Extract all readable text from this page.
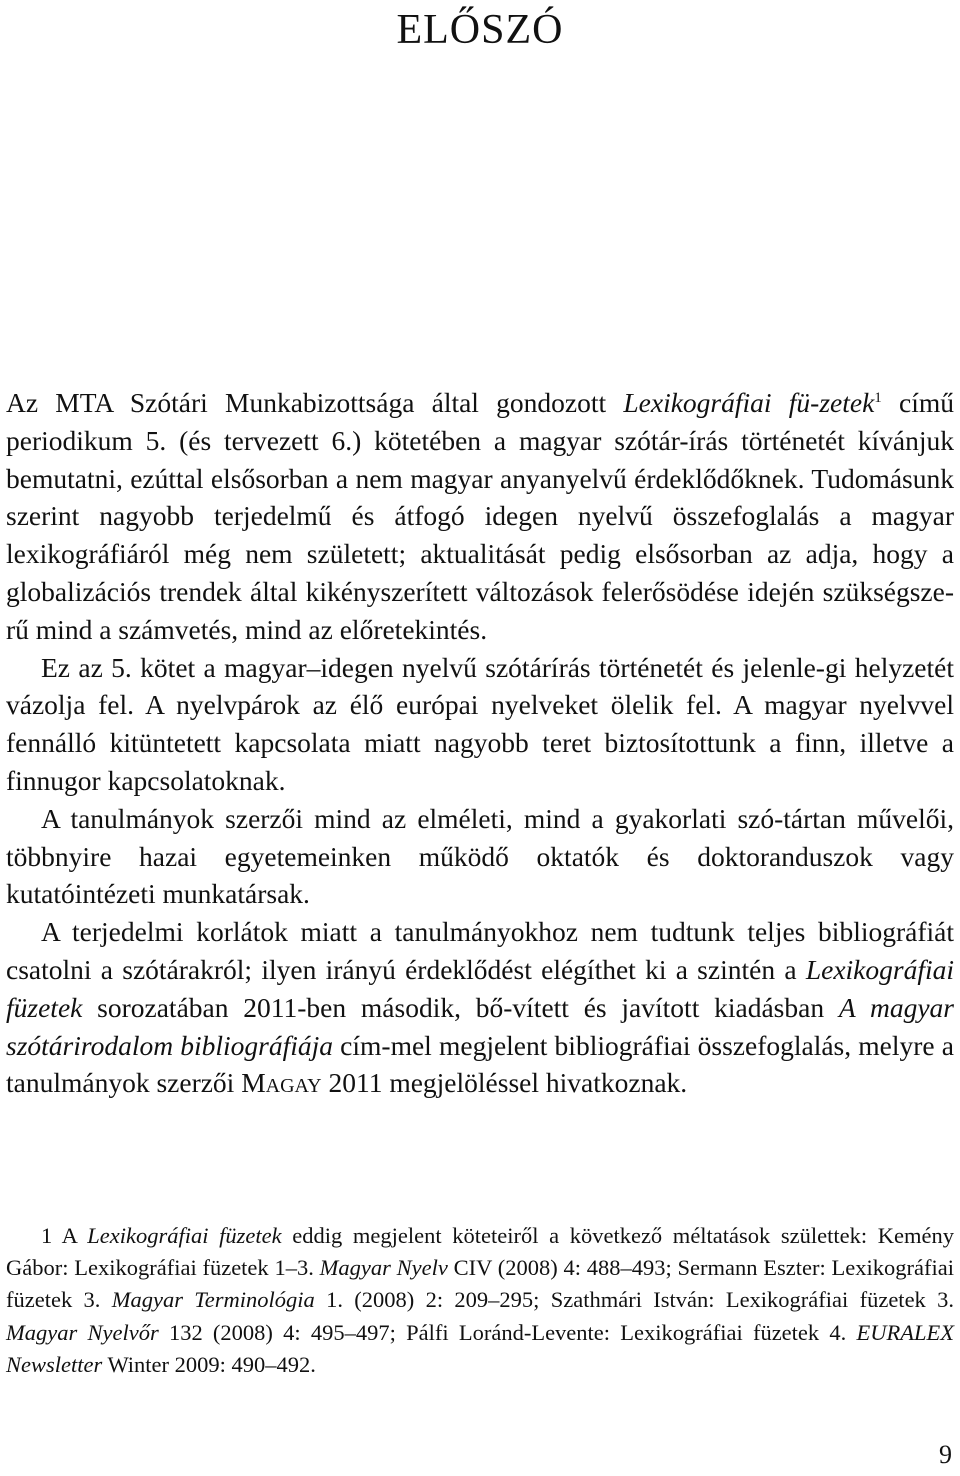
ELŐSZÓ

Az MTA Szótári Munkabizottsága által gondozott Lexikográfiai fü-zetek$^1$ című periodikum 5. (és tervezett 6.) kötetében a magyar szótár-írás történetét kívánjuk bemutatni, ezúttal elsősorban a nem magyar anyanyelvű érdeklődőknek. Tudomásunk szerint nagyobb terjedelmű és átfogó idegen nyelvű összefoglalás a magyar lexikográfiáról még nem született; aktualitását pedig elsősorban az adja, hogy a globalizációs trendek által kikényszerített változások felerősödése idején szükségsze-rű mind a számvetés, mind az előretekintés.

Ez az 5. kötet a magyar–idegen nyelvű szótárírás történetét és jelenle-gi helyzetét vázolja fel. A nyelvpárok az élő európai nyelveket ölelik fel. A magyar nyelvvel fennálló kitüntetett kapcsolata miatt nagyobb teret biztosítottunk a finn, illetve a finnugor kapcsolatoknak.

A tanulmányok szerzői mind az elméleti, mind a gyakorlati szó-tártan művelői, többnyire hazai egyetemeinken működő oktatók és doktoranduszok vagy kutatóintézeti munkatársak.

A terjedelmi korlátok miatt a tanulmányokhoz nem tudtunk teljes bibliográfiát csatolni a szótárakról; ilyen irányú érdeklődést elégíthet ki a szintén a Lexikográfiai füzetek sorozatában 2011-ben második, bő-vített és javított kiadásban A magyar szótárirodalom bibliográfiája cím-mel megjelent bibliográfiai összefoglalás, melyre a tanulmányok szerzői MAGAY 2011 megjelöléssel hivatkoznak.

1 A Lexikográfiai füzetek eddig megjelent köteteiről a következő méltatások születtek: Kemény Gábor: Lexikográfiai füzetek 1–3. Magyar Nyelv CIV (2008) 4: 488–493; Sermann Eszter: Lexikográfiai füzetek 3. Magyar Terminológia 1. (2008) 2: 209–295; Szathmári István: Lexikográfiai füzetek 3. Magyar Nyelvőr 132 (2008) 4: 495–497; Pálfi Loránd-Levente: Lexikográfiai füzetek 4. EURALEX Newsletter Winter 2009: 490–492.

9
